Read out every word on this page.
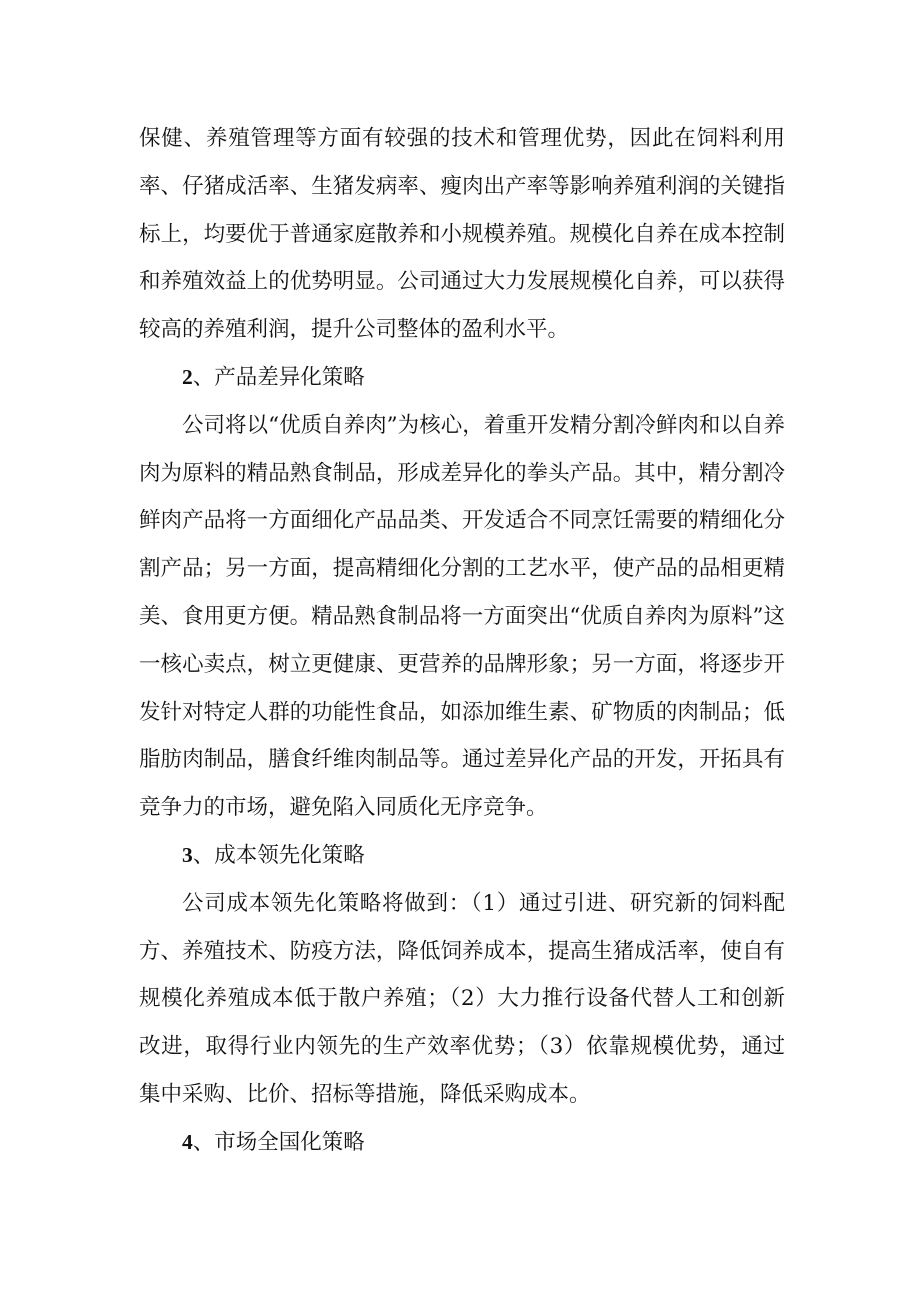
保健、养殖管理等方面有较强的技术和管理优势，因此在饲料利用率、仔猪成活率、生猪发病率、瘦肉出产率等影响养殖利润的关键指标上，均要优于普通家庭散养和小规模养殖。规模化自养在成本控制和养殖效益上的优势明显。公司通过大力发展规模化自养，可以获得较高的养殖利润，提升公司整体的盈利水平。

2、产品差异化策略

公司将以“优质自养肉”为核心，着重开发精分割冷鲜肉和以自养肉为原料的精品熟食制品，形成差异化的拳头产品。其中，精分割冷鲜肉产品将一方面细化产品品类、开发适合不同烹饪需要的精细化分割产品；另一方面，提高精细化分割的工艺水平，使产品的品相更精美、食用更方便。精品熟食制品将一方面突出“优质自养肉为原料”这一核心卖点，树立更健康、更营养的品牌形象；另一方面，将逐步开发针对特定人群的功能性食品，如添加维生素、矿物质的肉制品；低脂肪肉制品，膳食纤维肉制品等。通过差异化产品的开发，开拓具有竞争力的市场，避免陷入同质化无序竞争。

3、成本领先化策略

公司成本领先化策略将做到：（1）通过引进、研究新的饲料配方、养殖技术、防疫方法，降低饲养成本，提高生猪成活率，使自有规模化养殖成本低于散户养殖；（2）大力推行设备代替人工和创新改进，取得行业内领先的生产效率优势；（3）依靠规模优势，通过集中采购、比价、招标等措施，降低采购成本。

4、市场全国化策略
